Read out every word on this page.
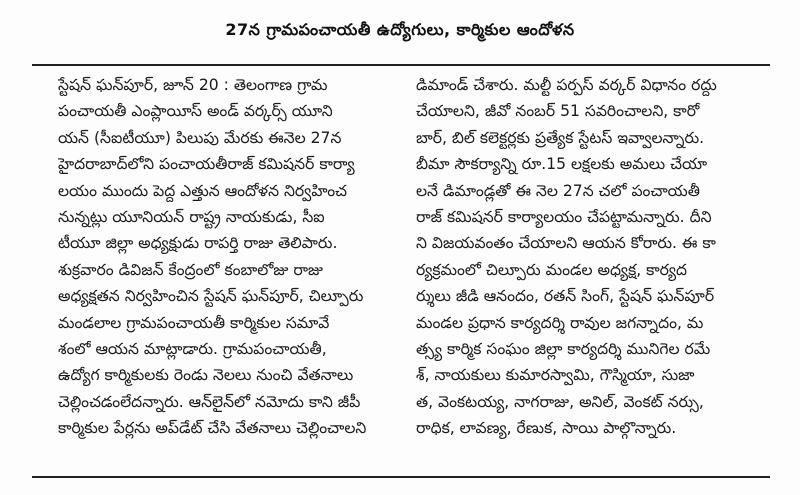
27న గ్రామపంచాయతీ ఉద్యోగులు, కార్మికుల ఆందోళన
స్టేషన్ ఘన్‌పూర్, జూన్ 20 : తెలంగాణ గ్రామ
పంచాయతీ ఎంప్లాయీస్ అండ్ వర్కర్స్ యూని
యన్ (సీఐటీయూ) పిలుపు మేరకు ఈనెల 27న
హైదరాబాద్‌లోని పంచాయతీరాజ్ కమిషనర్ కార్యా
లయం ముందు పెద్ద ఎత్తున ఆందోళన నిర్వహించ
నున్నట్లు యూనియన్ రాష్ట్ర నాయకుడు, సీఐ
టీయూ జిల్లా అధ్యక్షుడు రాపర్తి రాజు తెలిపారు.
శుక్రవారం డివిజన్ కేంద్రంలో కంబాలోజు రాజు
అధ్యక్షతన నిర్వహించిన స్టేషన్ ఘన్‌పూర్, చిల్పూరు
మండలాల గ్రామపంచాయతీ కార్మికుల సమావే
శంలో ఆయన మాట్లాడారు. గ్రామపంచాయతీ,
ఉద్యోగ కార్మికులకు రెండు నెలలు నుంచి వేతనాలు
చెల్లించడంలేదన్నారు. ఆన్‌లైన్‌లో నమోదు కాని జీపీ
కార్మికుల పేర్లను అప్‌డేట్ చేసి వేతనాలు చెల్లించాలని
డిమాండ్ చేశారు. మల్టీ పర్పస్ వర్కర్ విధానం రద్దు
చేయాలని, జీవో నంబర్ 51 సవరించాలని, కారో
బార్, బిల్ కలెక్టర్లకు ప్రత్యేక స్టేటస్ ఇవ్వాలన్నారు.
బీమా సౌకర్యాన్ని రూ.15 లక్షలకు అమలు చేయా
లనే డిమాండ్లతో ఈ నెల 27న చలో పంచాయతీ
రాజ్ కమిషనర్ కార్యాలయం చేపట్టామన్నారు. దీని
ని విజయవంతం చేయాలని ఆయన కోరారు. ఈ కా
ర్యక్రమంలో చిల్పూరు మండల అధ్యక్ష, కార్యద
ర్శులు జీడి ఆనందం, రతన్ సింగ్, స్టేషన్ ఘన్‌పూర్
మండల ప్రధాన కార్యదర్శి రావుల జగన్నాదం, మ
త్స్య కార్మిక సంఘం జిల్లా కార్యదర్శి మునిగెల రమే
శ్, నాయకులు కుమారస్వామి, గౌస్మియా, సుజా
త, వెంకటయ్య, నాగరాజు, అనిల్, వెంకట్ నర్సు,
రాధిక, లావణ్య, రేణుక, సాయి పాల్గొన్నారు.
